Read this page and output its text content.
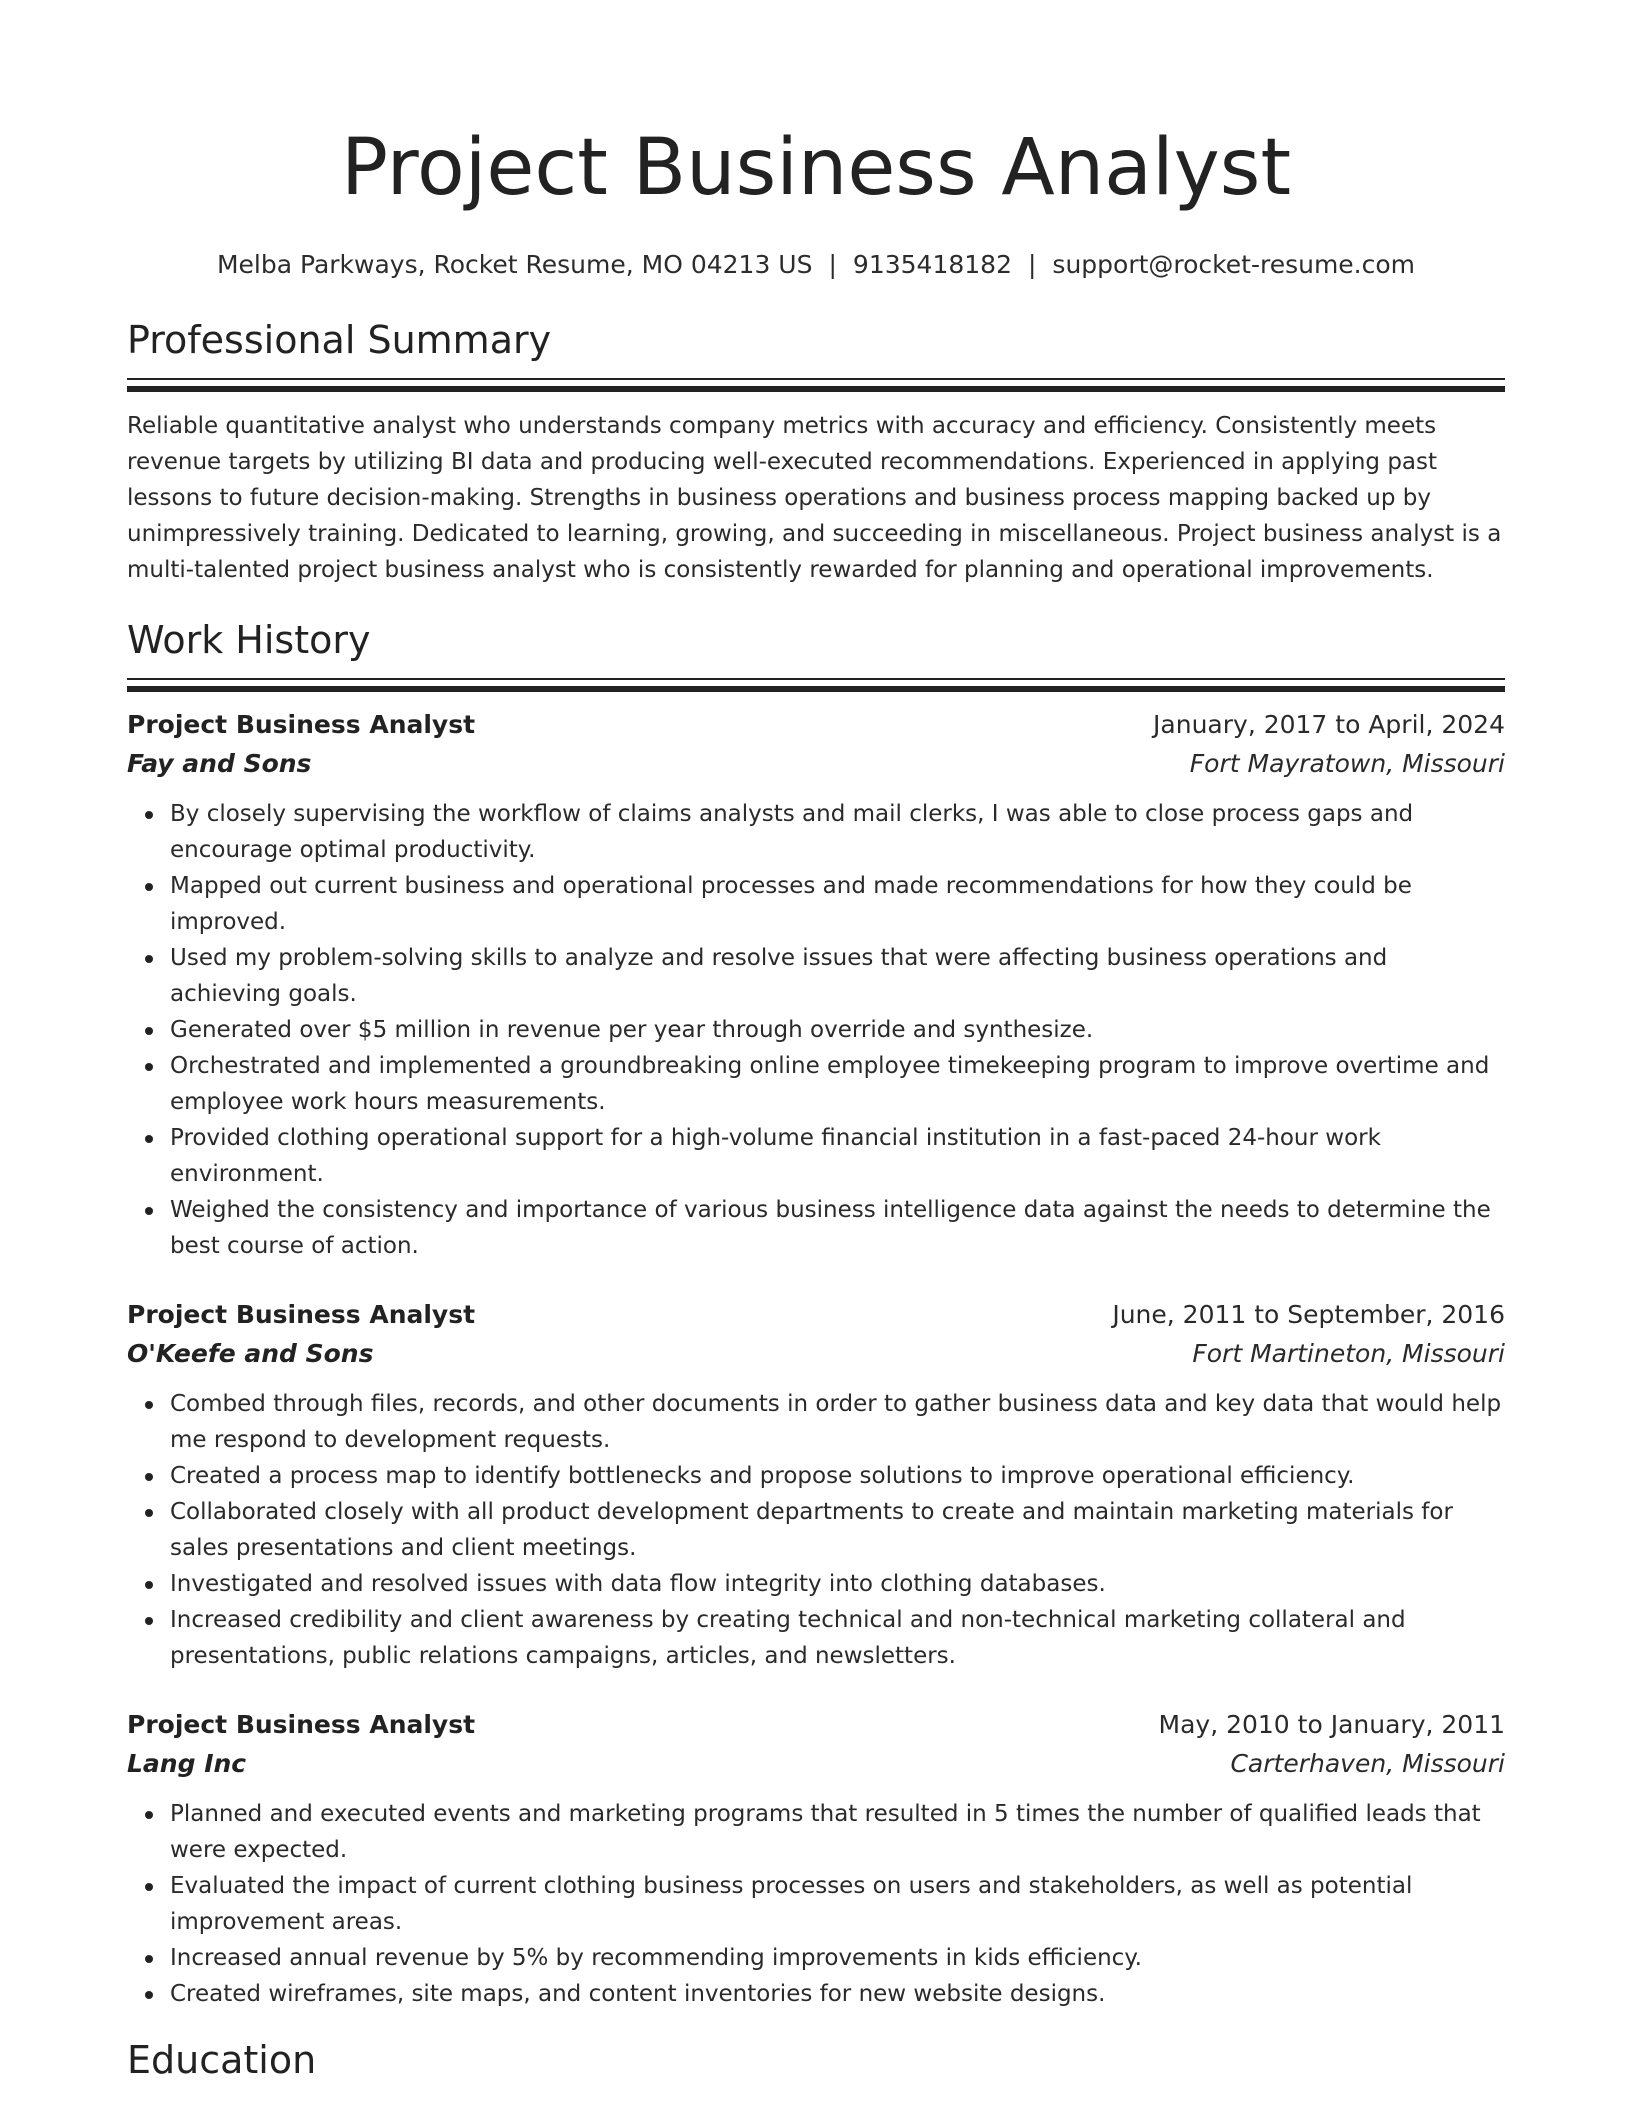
Project Business Analyst
Melba Parkways, Rocket Resume, MO 04213 US | 9135418182 | support@rocket-resume.com
Professional Summary

Reliable quantitative analyst who understands company metrics with accuracy and efficiency. Consistently meets revenue targets by utilizing BI data and producing well-executed recommendations. Experienced in applying past lessons to future decision-making. Strengths in business operations and business process mapping backed up by unimpressively training. Dedicated to learning, growing, and succeeding in miscellaneous. Project business analyst is a multi-talented project business analyst who is consistently rewarded for planning and operational improvements.

Work History
Project Business Analyst	January, 2017 to April, 2024
Fay and Sons	Fort Mayratown, Missouri
By closely supervising the workflow of claims analysts and mail clerks, I was able to close process gaps and encourage optimal productivity.
Mapped out current business and operational processes and made recommendations for how they could be improved.
Used my problem-solving skills to analyze and resolve issues that were affecting business operations and achieving goals.
Generated over $5 million in revenue per year through override and synthesize.
Orchestrated and implemented a groundbreaking online employee timekeeping program to improve overtime and employee work hours measurements.
Provided clothing operational support for a high-volume financial institution in a fast-paced 24-hour work environment.
Weighed the consistency and importance of various business intelligence data against the needs to determine the best course of action.
Project Business Analyst	June, 2011 to September, 2016
O'Keefe and Sons	Fort Martineton, Missouri
Combed through files, records, and other documents in order to gather business data and key data that would help me respond to development requests.
Created a process map to identify bottlenecks and propose solutions to improve operational efficiency.
Collaborated closely with all product development departments to create and maintain marketing materials for sales presentations and client meetings.
Investigated and resolved issues with data flow integrity into clothing databases.
Increased credibility and client awareness by creating technical and non-technical marketing collateral and presentations, public relations campaigns, articles, and newsletters.
Project Business Analyst	May, 2010 to January, 2011
Lang Inc	Carterhaven, Missouri
Planned and executed events and marketing programs that resulted in 5 times the number of qualified leads that were expected.
Evaluated the impact of current clothing business processes on users and stakeholders, as well as potential improvement areas.
Increased annual revenue by 5% by recommending improvements in kids efficiency.
Created wireframes, site maps, and content inventories for new website designs.
Education
